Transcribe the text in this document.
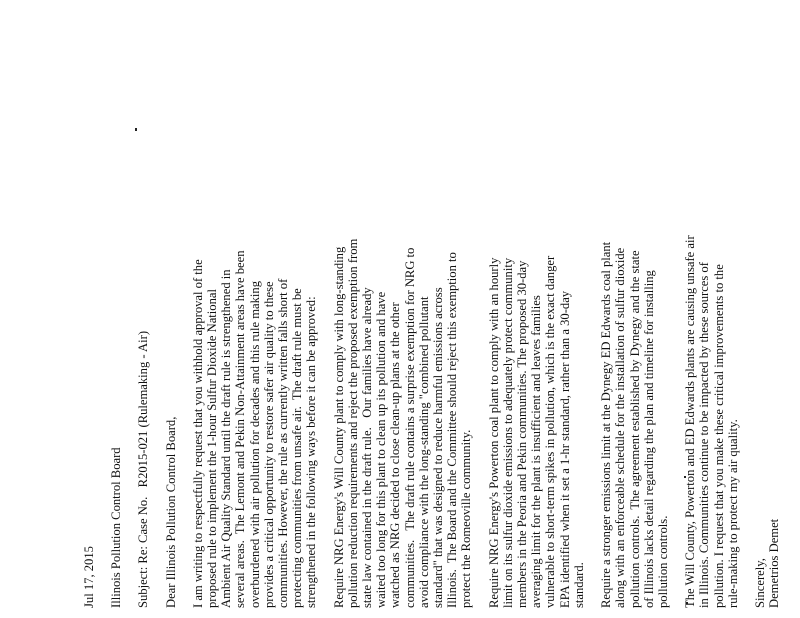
Jul 17, 2015 Illinois Pollution Control Board Subject: Re: Case No.   R2015-021 (Rulemaking - Air) Dear Illinois Pollution Control Board, I am writing to respectfully request that you withhold approval of the proposed rule to implement the 1-hour Sulfur Dioxide National Ambient Air Quality Standard until the draft rule is strengthened in several areas.  The Lemont and Pekin Non-Attainment areas have been overburdened with air pollution for decades and this rule making provides a critical opportunity to restore safer air quality to these communities. However, the rule as currently written falls short of protecting communities from unsafe air.  The draft rule must be strengthened in the following ways before it can be approved: Require NRG Energy's Will County plant to comply with long-standing pollution reduction requirements and reject the proposed exemption from state law contained in the draft rule.   Our families have already waited too long for this plant to clean up its pollution and have watched as NRG decided to close clean-up plans at the other communities.   The draft rule contains a surprise exemption for NRG to avoid compliance with the long-standing "combined pollutant standard" that was designed to reduce harmful emissions across Illinois.  The Board and the Committee should reject this exemption to protect the Romeoville community. Require NRG Energy's Powerton coal plant to comply with an hourly limit on its sulfur dioxide emissions to adequately protect community members in the Peoria and Pekin communities. The proposed 30-day averaging limit for the plant is insufficient and leaves families vulnerable to short-term spikes in pollution, which is the exact danger EPA identified when it set a 1-hr standard, rather than a 30-day standard. Require a stronger emissions limit at the Dynegy ED Edwards coal plant along with an enforceable schedule for the installation of sulfur dioxide pollution controls.  The agreement established by Dynegy and the state of Illinois lacks detail regarding the plan and timeline for installing pollution controls. The Will County, Powerton and ED Edwards plants are causing unsafe air in Illinois. Communities continue to be impacted by these sources of pollution. I request that you make these critical improvements to the rule-making to protect my air quality. Sincerely, Demetrios Demet
